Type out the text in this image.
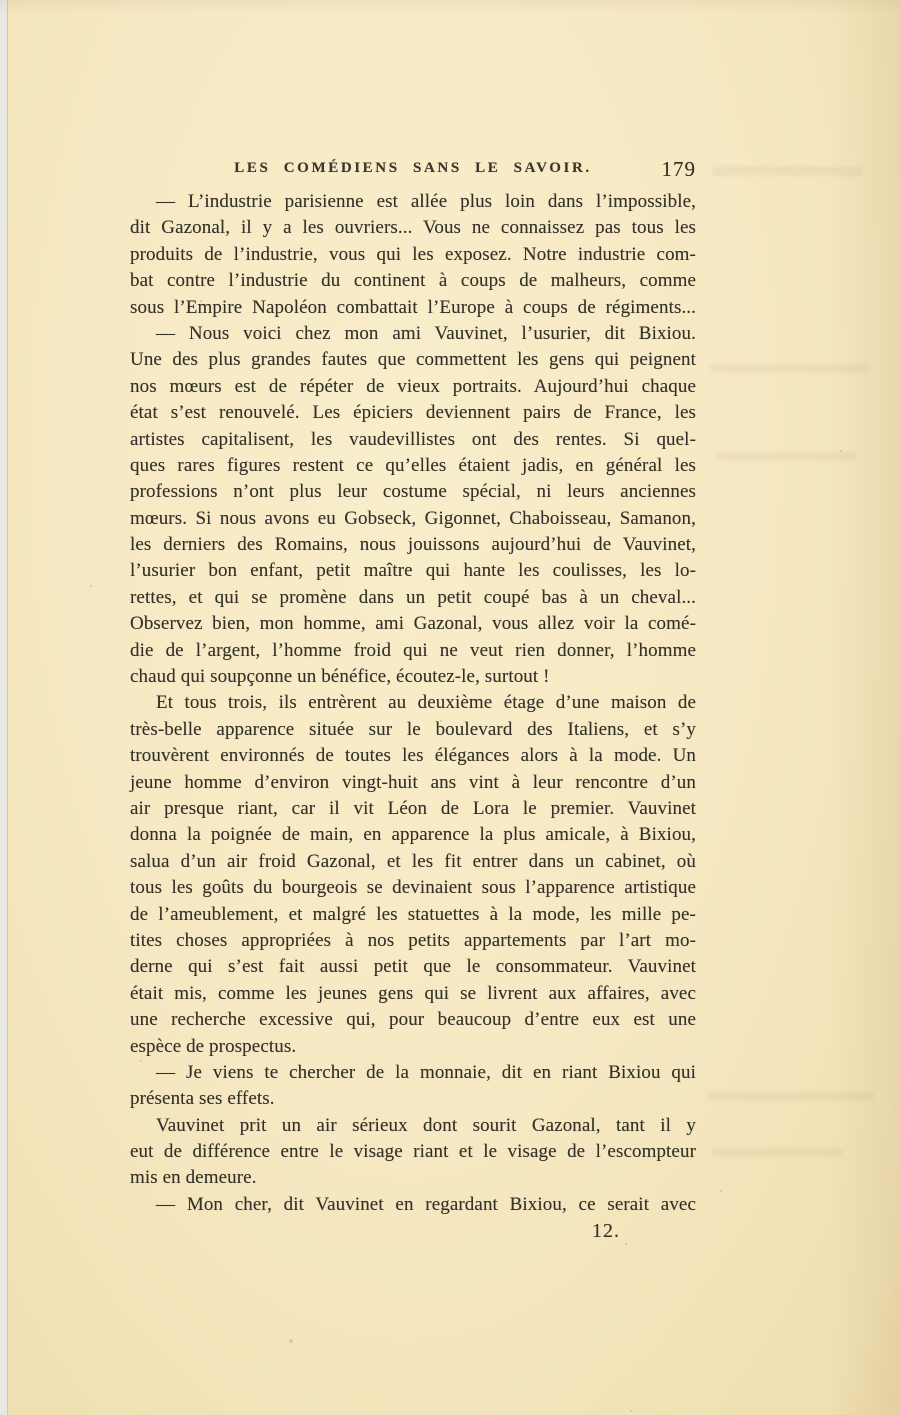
LES COMÉDIENS SANS LE SAVOIR.	179
— L’industrie parisienne est allée plus loin dans l’impossible,
dit Gazonal, il y a les ouvriers... Vous ne connaissez pas tous les
produits de l’industrie, vous qui les exposez. Notre industrie com-
bat contre l’industrie du continent à coups de malheurs, comme
sous l’Empire Napoléon combattait l’Europe à coups de régiments...
— Nous voici chez mon ami Vauvinet, l’usurier, dit Bixiou.
Une des plus grandes fautes que commettent les gens qui peignent
nos mœurs est de répéter de vieux portraits. Aujourd’hui chaque
état s’est renouvelé. Les épiciers deviennent pairs de France, les
artistes capitalisent, les vaudevillistes ont des rentes. Si quel-
ques rares figures restent ce qu’elles étaient jadis, en général les
professions n’ont plus leur costume spécial, ni leurs anciennes
mœurs. Si nous avons eu Gobseck, Gigonnet, Chaboisseau, Samanon,
les derniers des Romains, nous jouissons aujourd’hui de Vauvinet,
l’usurier bon enfant, petit maître qui hante les coulisses, les lo-
rettes, et qui se promène dans un petit coupé bas à un cheval...
Observez bien, mon homme, ami Gazonal, vous allez voir la comé-
die de l’argent, l’homme froid qui ne veut rien donner, l’homme
chaud qui soupçonne un bénéfice, écoutez-le, surtout !
Et tous trois, ils entrèrent au deuxième étage d’une maison de
très-belle apparence située sur le boulevard des Italiens, et s’y
trouvèrent environnés de toutes les élégances alors à la mode. Un
jeune homme d’environ vingt-huit ans vint à leur rencontre d’un
air presque riant, car il vit Léon de Lora le premier. Vauvinet
donna la poignée de main, en apparence la plus amicale, à Bixiou,
salua d’un air froid Gazonal, et les fit entrer dans un cabinet, où
tous les goûts du bourgeois se devinaient sous l’apparence artistique
de l’ameublement, et malgré les statuettes à la mode, les mille pe-
tites choses appropriées à nos petits appartements par l’art mo-
derne qui s’est fait aussi petit que le consommateur. Vauvinet
était mis, comme les jeunes gens qui se livrent aux affaires, avec
une recherche excessive qui, pour beaucoup d’entre eux est une
espèce de prospectus.
— Je viens te chercher de la monnaie, dit en riant Bixiou qui
présenta ses effets.
Vauvinet prit un air sérieux dont sourit Gazonal, tant il y
eut de différence entre le visage riant et le visage de l’escompteur
mis en demeure.
— Mon cher, dit Vauvinet en regardant Bixiou, ce serait avec
12.
